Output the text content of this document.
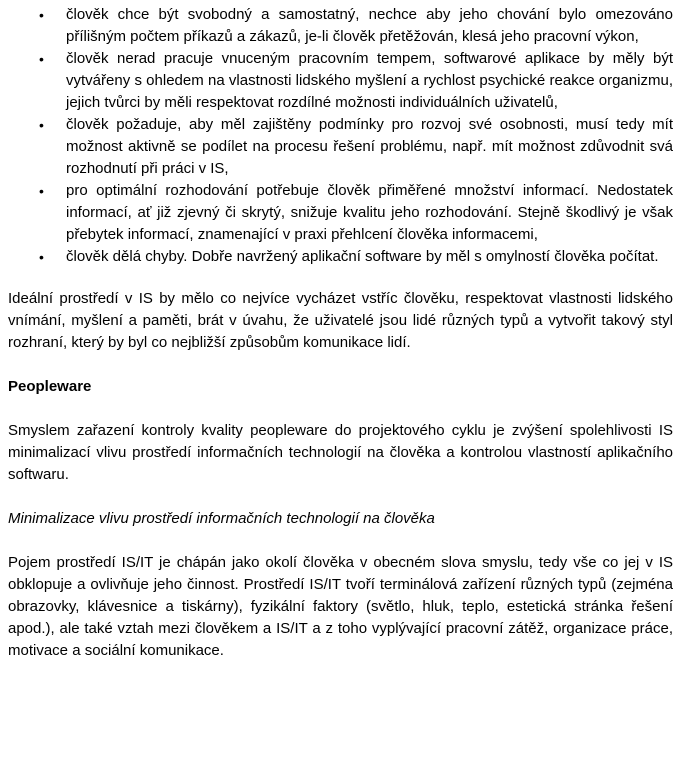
• člověk chce být svobodný a samostatný, nechce aby jeho chování bylo omezováno přílišným počtem příkazů a zákazů, je-li člověk přetěžován, klesá jeho pracovní výkon,
• člověk nerad pracuje vnuceným pracovním tempem, softwarové aplikace by měly být vytvářeny s ohledem na vlastnosti lidského myšlení a rychlost psychické reakce organizmu, jejich tvůrci by měli respektovat rozdílné možnosti individuálních uživatelů,
• člověk požaduje, aby měl zajištěny podmínky pro rozvoj své osobnosti, musí tedy mít možnost aktivně se podílet na procesu řešení problému, např. mít možnost zdůvodnit svá rozhodnutí při práci v IS,
• pro optimální rozhodování potřebuje člověk přiměřené množství informací. Nedostatek informací, ať již zjevný či skrytý, snižuje kvalitu jeho rozhodování. Stejně škodlivý je však přebytek informací, znamenající v praxi přehlcení člověka informacemi,
• člověk dělá chyby. Dobře navržený aplikační software by měl s omylností člověka počítat.

Ideální prostředí v IS by mělo co nejvíce vycházet vstříc člověku, respektovat vlastnosti lidského vnímání, myšlení a paměti, brát v úvahu, že uživatelé jsou lidé různých typů a vytvořit takový styl rozhraní, který by byl co nejbližší způsobům komunikace lidí.

Peopleware

Smyslem zařazení kontroly kvality peopleware do projektového cyklu je zvýšení spolehlivosti IS minimalizací vlivu prostředí informačních technologií na člověka a kontrolou vlastností aplikačního softwaru.

Minimalizace vlivu prostředí informačních technologií na člověka

Pojem prostředí IS/IT je chápán jako okolí člověka v obecném slova smyslu, tedy vše co jej v IS obklopuje a ovlivňuje jeho činnost. Prostředí IS/IT tvoří terminálová zařízení různých typů (zejména obrazovky, klávesnice a tiskárny), fyzikální faktory (světlo, hluk, teplo, estetická stránka řešení apod.), ale také vztah mezi člověkem a IS/IT a z toho vyplývající pracovní zátěž, organizace práce, motivace a sociální komunikace.
